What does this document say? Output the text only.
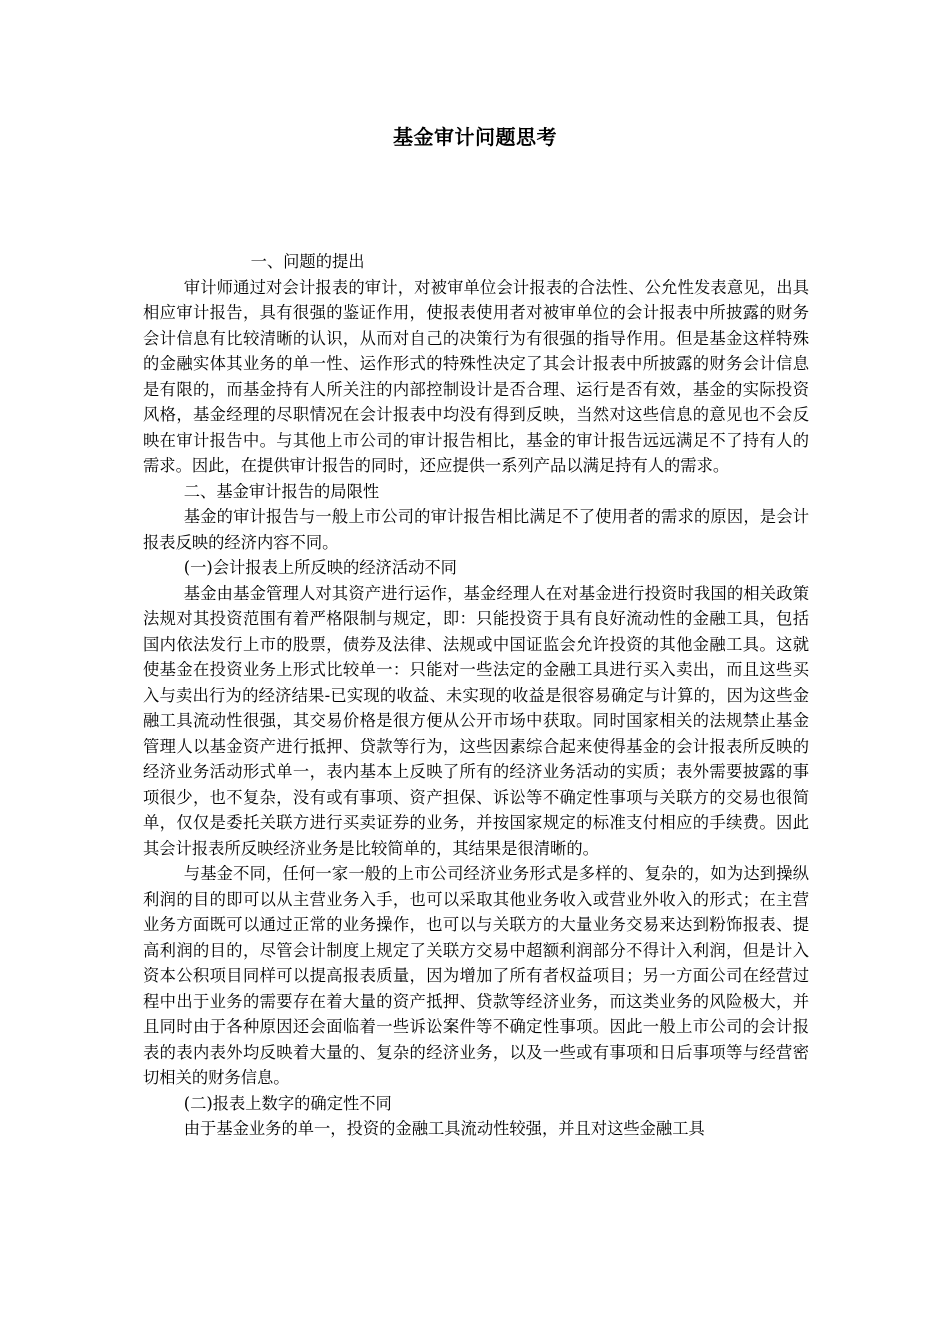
基金审计问题思考

一、问题的提出

审计师通过对会计报表的审计，对被审单位会计报表的合法性、公允性发表意见，出具相应审计报告，具有很强的鉴证作用，使报表使用者对被审单位的会计报表中所披露的财务会计信息有比较清晰的认识，从而对自己的决策行为有很强的指导作用。但是基金这样特殊的金融实体其业务的单一性、运作形式的特殊性决定了其会计报表中所披露的财务会计信息是有限的，而基金持有人所关注的内部控制设计是否合理、运行是否有效，基金的实际投资风格，基金经理的尽职情况在会计报表中均没有得到反映，当然对这些信息的意见也不会反映在审计报告中。与其他上市公司的审计报告相比，基金的审计报告远远满足不了持有人的需求。因此，在提供审计报告的同时，还应提供一系列产品以满足持有人的需求。

二、基金审计报告的局限性

基金的审计报告与一般上市公司的审计报告相比满足不了使用者的需求的原因，是会计报表反映的经济内容不同。

(一)会计报表上所反映的经济活动不同

基金由基金管理人对其资产进行运作，基金经理人在对基金进行投资时我国的相关政策法规对其投资范围有着严格限制与规定，即：只能投资于具有良好流动性的金融工具，包括国内依法发行上市的股票，债券及法律、法规或中国证监会允许投资的其他金融工具。这就使基金在投资业务上形式比较单一：只能对一些法定的金融工具进行买入卖出，而且这些买入与卖出行为的经济结果-已实现的收益、未实现的收益是很容易确定与计算的，因为这些金融工具流动性很强，其交易价格是很方便从公开市场中获取。同时国家相关的法规禁止基金管理人以基金资产进行抵押、贷款等行为，这些因素综合起来使得基金的会计报表所反映的经济业务活动形式单一，表内基本上反映了所有的经济业务活动的实质；表外需要披露的事项很少，也不复杂，没有或有事项、资产担保、诉讼等不确定性事项与关联方的交易也很简单，仅仅是委托关联方进行买卖证券的业务，并按国家规定的标准支付相应的手续费。因此其会计报表所反映经济业务是比较简单的，其结果是很清晰的。

与基金不同，任何一家一般的上市公司经济业务形式是多样的、复杂的，如为达到操纵利润的目的即可以从主营业务入手，也可以采取其他业务收入或营业外收入的形式；在主营业务方面既可以通过正常的业务操作，也可以与关联方的大量业务交易来达到粉饰报表、提高利润的目的，尽管会计制度上规定了关联方交易中超额利润部分不得计入利润，但是计入资本公积项目同样可以提高报表质量，因为增加了所有者权益项目；另一方面公司在经营过程中出于业务的需要存在着大量的资产抵押、贷款等经济业务，而这类业务的风险极大，并且同时由于各种原因还会面临着一些诉讼案件等不确定性事项。因此一般上市公司的会计报表的表内表外均反映着大量的、复杂的经济业务，以及一些或有事项和日后事项等与经营密切相关的财务信息。

(二)报表上数字的确定性不同

由于基金业务的单一，投资的金融工具流动性较强，并且对这些金融工具
